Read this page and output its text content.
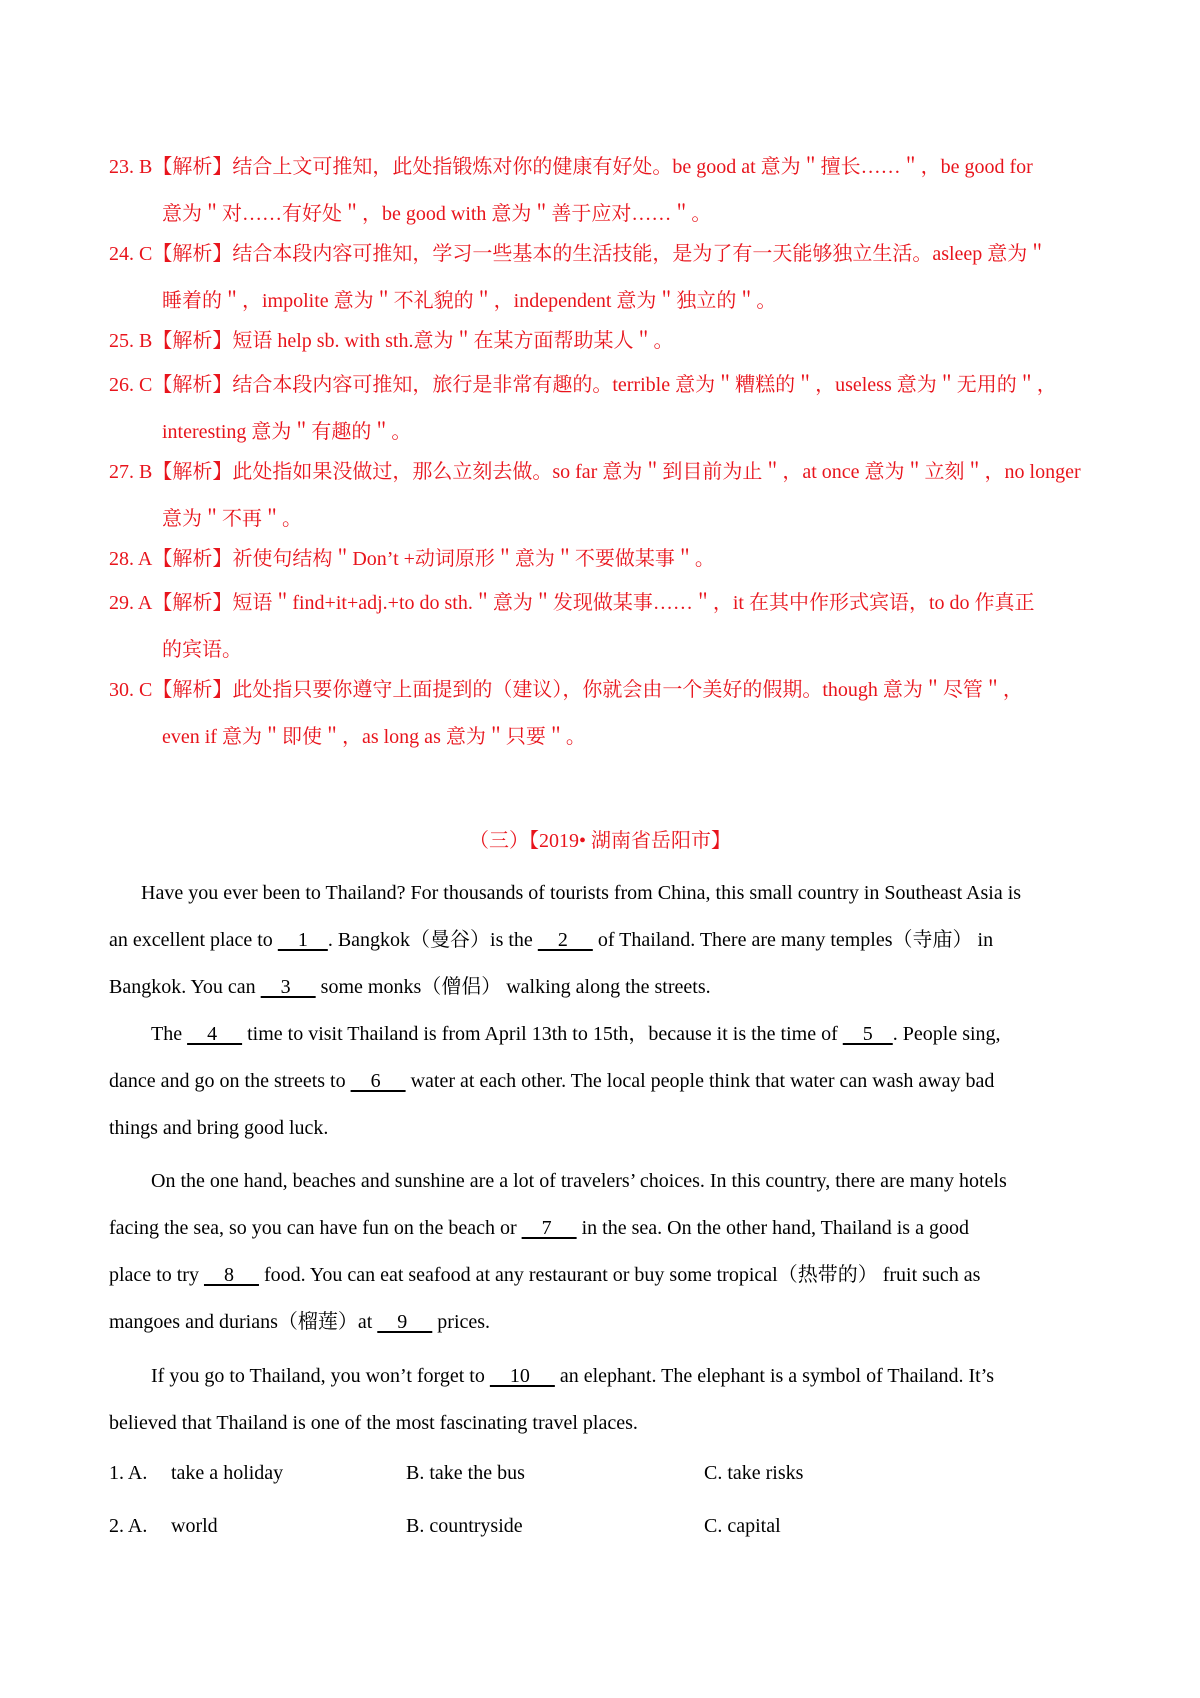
23. B【解析】结合上文可推知，此处指锻炼对你的健康有好处。be good at 意为＂擅长……＂，be good for
意为＂对……有好处＂，be good with 意为＂善于应对……＂。
24. C【解析】结合本段内容可推知，学习一些基本的生活技能，是为了有一天能够独立生活。asleep 意为＂
睡着的＂，impolite 意为＂不礼貌的＂，independent 意为＂独立的＂。
25. B【解析】短语 help sb. with sth.意为＂在某方面帮助某人＂。
26. C【解析】结合本段内容可推知，旅行是非常有趣的。terrible 意为＂糟糕的＂，useless 意为＂无用的＂，
interesting 意为＂有趣的＂。
27. B【解析】此处指如果没做过，那么立刻去做。so far 意为＂到目前为止＂，at once 意为＂立刻＂，no longer
意为＂不再＂。
28. A【解析】祈使句结构＂Don’t +动词原形＂意为＂不要做某事＂。
29. A【解析】短语＂find+it+adj.+to do sth.＂意为＂发现做某事……＂，it 在其中作形式宾语，to do 作真正
的宾语。
30. C【解析】此处指只要你遵守上面提到的（建议），你就会由一个美好的假期。though 意为＂尽管＂，
even if 意为＂即使＂，as long as 意为＂只要＂。
（三）【2019• 湖南省岳阳市】
Have you ever been to Thailand? For thousands of tourists from China, this small country in Southeast Asia is
an excellent place to     1    . Bangkok（曼谷）is the     2      of Thailand. There are many temples（寺庙） in
Bangkok. You can     3      some monks（僧侣） walking along the streets.
The     4      time to visit Thailand is from April 13th to 15th，because it is the time of     5    . People sing,
dance and go on the streets to     6      water at each other. The local people think that water can wash away bad
things and bring good luck.
On the one hand, beaches and sunshine are a lot of travelers’ choices. In this country, there are many hotels
facing the sea, so you can have fun on the beach or     7      in the sea. On the other hand, Thailand is a good
place to try     8      food. You can eat seafood at any restaurant or buy some tropical（热带的） fruit such as
mangoes and durians（榴莲）at     9      prices.
If you go to Thailand, you won’t forget to     10      an elephant. The elephant is a symbol of Thailand. It’s
believed that Thailand is one of the most fascinating travel places.
1. A. take a holiday	B. take the bus	C. take risks
2. A. world	B. countryside	C. capital
